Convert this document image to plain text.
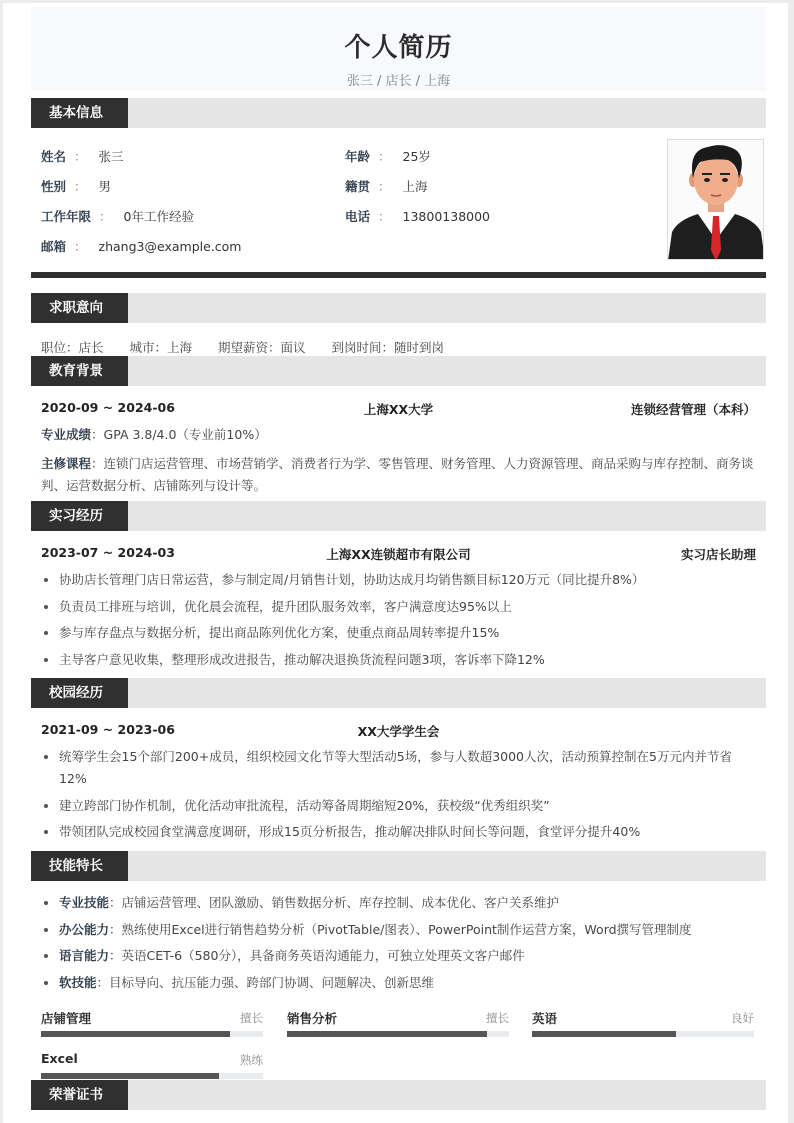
个人简历
张三 / 店长 / 上海
基本信息
姓名 ： 张三
性别 ： 男
工作年限 ： 0年工作经验
邮箱 ： zhang3@example.com
年龄 ： 25岁
籍贯 ： 上海
电话 ： 13800138000
求职意向
职位：店长 城市：上海 期望薪资：面议 到岗时间：随时到岗
教育背景
2020-09 ~ 2024-06	上海XX大学	连锁经营管理（本科）
专业成绩：GPA 3.8/4.0（专业前10%）
主修课程：连锁门店运营管理、市场营销学、消费者行为学、零售管理、财务管理、人力资源管理、商品采购与库存控制、商务谈判、运营数据分析、店铺陈列与设计等。
实习经历
2023-07 ~ 2024-03	上海XX连锁超市有限公司	实习店长助理
协助店长管理门店日常运营，参与制定周/月销售计划，协助达成月均销售额目标120万元（同比提升8%）
负责员工排班与培训，优化晨会流程，提升团队服务效率，客户满意度达95%以上
参与库存盘点与数据分析，提出商品陈列优化方案，使重点商品周转率提升15%
主导客户意见收集，整理形成改进报告，推动解决退换货流程问题3项，客诉率下降12%
校园经历
2021-09 ~ 2023-06	XX大学学生会
统筹学生会15个部门200+成员，组织校园文化节等大型活动5场，参与人数超3000人次，活动预算控制在5万元内并节省12%
建立跨部门协作机制，优化活动审批流程，活动筹备周期缩短20%，获校级“优秀组织奖”
带领团队完成校园食堂满意度调研，形成15页分析报告，推动解决排队时间长等问题，食堂评分提升40%
技能特长
专业技能：店铺运营管理、团队激励、销售数据分析、库存控制、成本优化、客户关系维护
办公能力：熟练使用Excel进行销售趋势分析（PivotTable/图表）、PowerPoint制作运营方案，Word撰写管理制度
语言能力：英语CET-6（580分），具备商务英语沟通能力，可独立处理英文客户邮件
软技能：目标导向、抗压能力强、跨部门协调、问题解决、创新思维
店铺管理	擅长 销售分析	擅长 英语	良好
Excel	熟练
荣誉证书
